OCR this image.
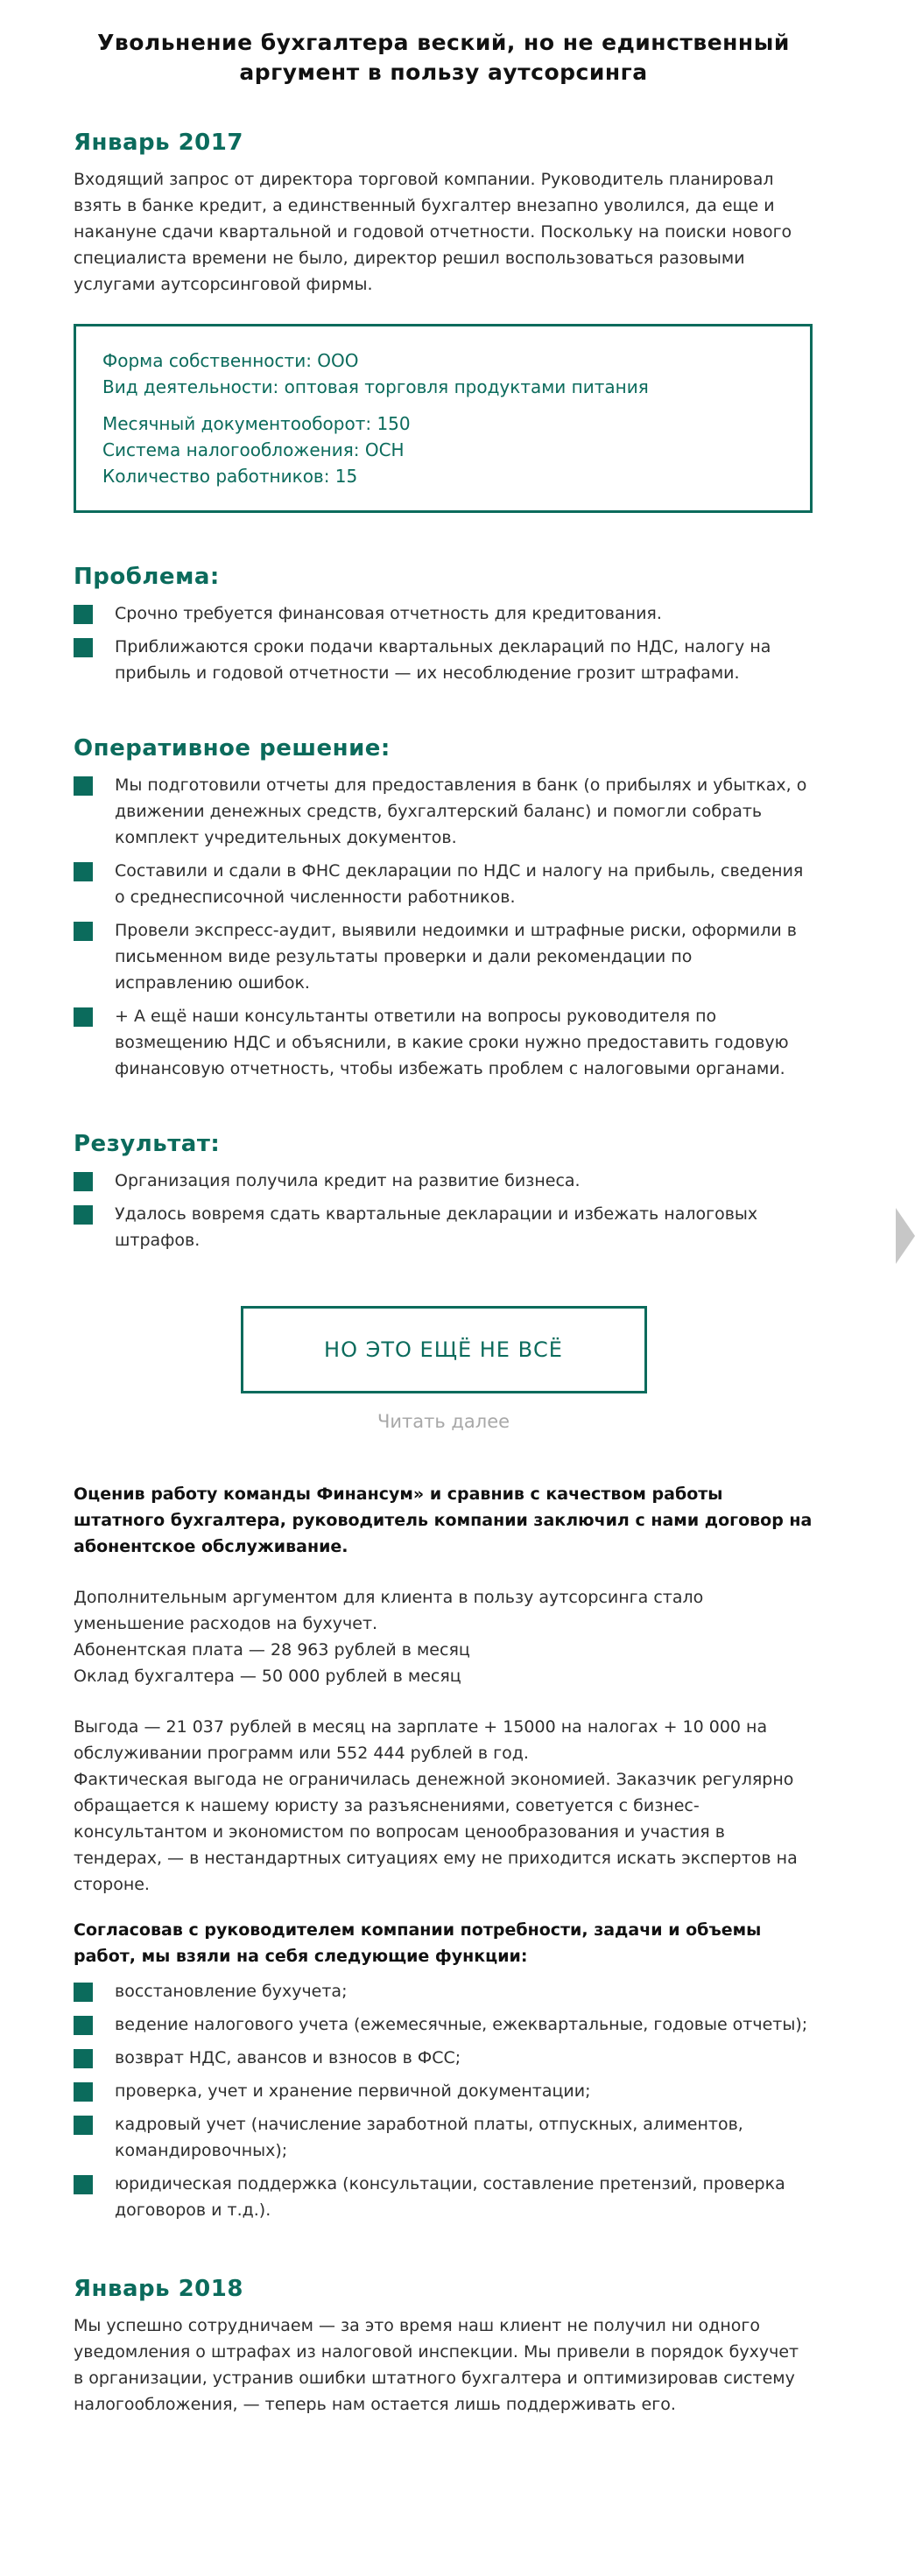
Увольнение бухгалтера веский, но не единственный аргумент в пользу аутсорсинга
Январь 2017
Входящий запрос от директора торговой компании. Руководитель планировал взять в банке кредит, а единственный бухгалтер внезапно уволился, да еще и накануне сдачи квартальной и годовой отчетности. Поскольку на поиски нового специалиста времени не было, директор решил воспользоваться разовыми услугами аутсорсинговой фирмы.
Форма собственности: ООО
Вид деятельности: оптовая торговля продуктами питания
Месячный документооборот: 150
Система налогообложения: ОСН
Количество работников: 15
Проблема:
Срочно требуется финансовая отчетность для кредитования.
Приближаются сроки подачи квартальных деклараций по НДС, налогу на прибыль и годовой отчетности — их несоблюдение грозит штрафами.
Оперативное решение:
Мы подготовили отчеты для предоставления в банк (о прибылях и убытках, о движении денежных средств, бухгалтерский баланс) и помогли собрать комплект учредительных документов.
Составили и сдали в ФНС декларации по НДС и налогу на прибыль, сведения о среднесписочной численности работников.
Провели экспресс-аудит, выявили недоимки и штрафные риски, оформили в письменном виде результаты проверки и дали рекомендации по исправлению ошибок.
+ А ещё наши консультанты ответили на вопросы руководителя по возмещению НДС и объяснили, в какие сроки нужно предоставить годовую финансовую отчетность, чтобы избежать проблем с налоговыми органами.
Результат:
Организация получила кредит на развитие бизнеса.
Удалось вовремя сдать квартальные декларации и избежать налоговых штрафов.
НО ЭТО ЕЩЁ НЕ ВСЁ
Читать далее
Оценив работу команды Финансум» и сравнив с качеством работы штатного бухгалтера, руководитель компании заключил с нами договор на абонентское обслуживание.
Дополнительным аргументом для клиента в пользу аутсорсинга стало уменьшение расходов на бухучет.
Абонентская плата — 28 963 рублей в месяц
Оклад бухгалтера — 50 000 рублей в месяц
Выгода — 21 037 рублей в месяц на зарплате + 15000 на налогах + 10 000 на обслуживании программ или 552 444 рублей в год.
Фактическая выгода не ограничилась денежной экономией. Заказчик регулярно обращается к нашему юристу за разъяснениями, советуется с бизнес-консультантом и экономистом по вопросам ценообразования и участия в тендерах, — в нестандартных ситуациях ему не приходится искать экспертов на стороне.
Согласовав с руководителем компании потребности, задачи и объемы работ, мы взяли на себя следующие функции:
восстановление бухучета;
ведение налогового учета (ежемесячные, ежеквартальные, годовые отчеты);
возврат НДС, авансов и взносов в ФСС;
проверка, учет и хранение первичной документации;
кадровый учет (начисление заработной платы, отпускных, алиментов, командировочных);
юридическая поддержка (консультации, составление претензий, проверка договоров и т.д.).
Январь 2018
Мы успешно сотрудничаем — за это время наш клиент не получил ни одного уведомления о штрафах из налоговой инспекции. Мы привели в порядок бухучет в организации, устранив ошибки штатного бухгалтера и оптимизировав систему налогообложения, — теперь нам остается лишь поддерживать его.
